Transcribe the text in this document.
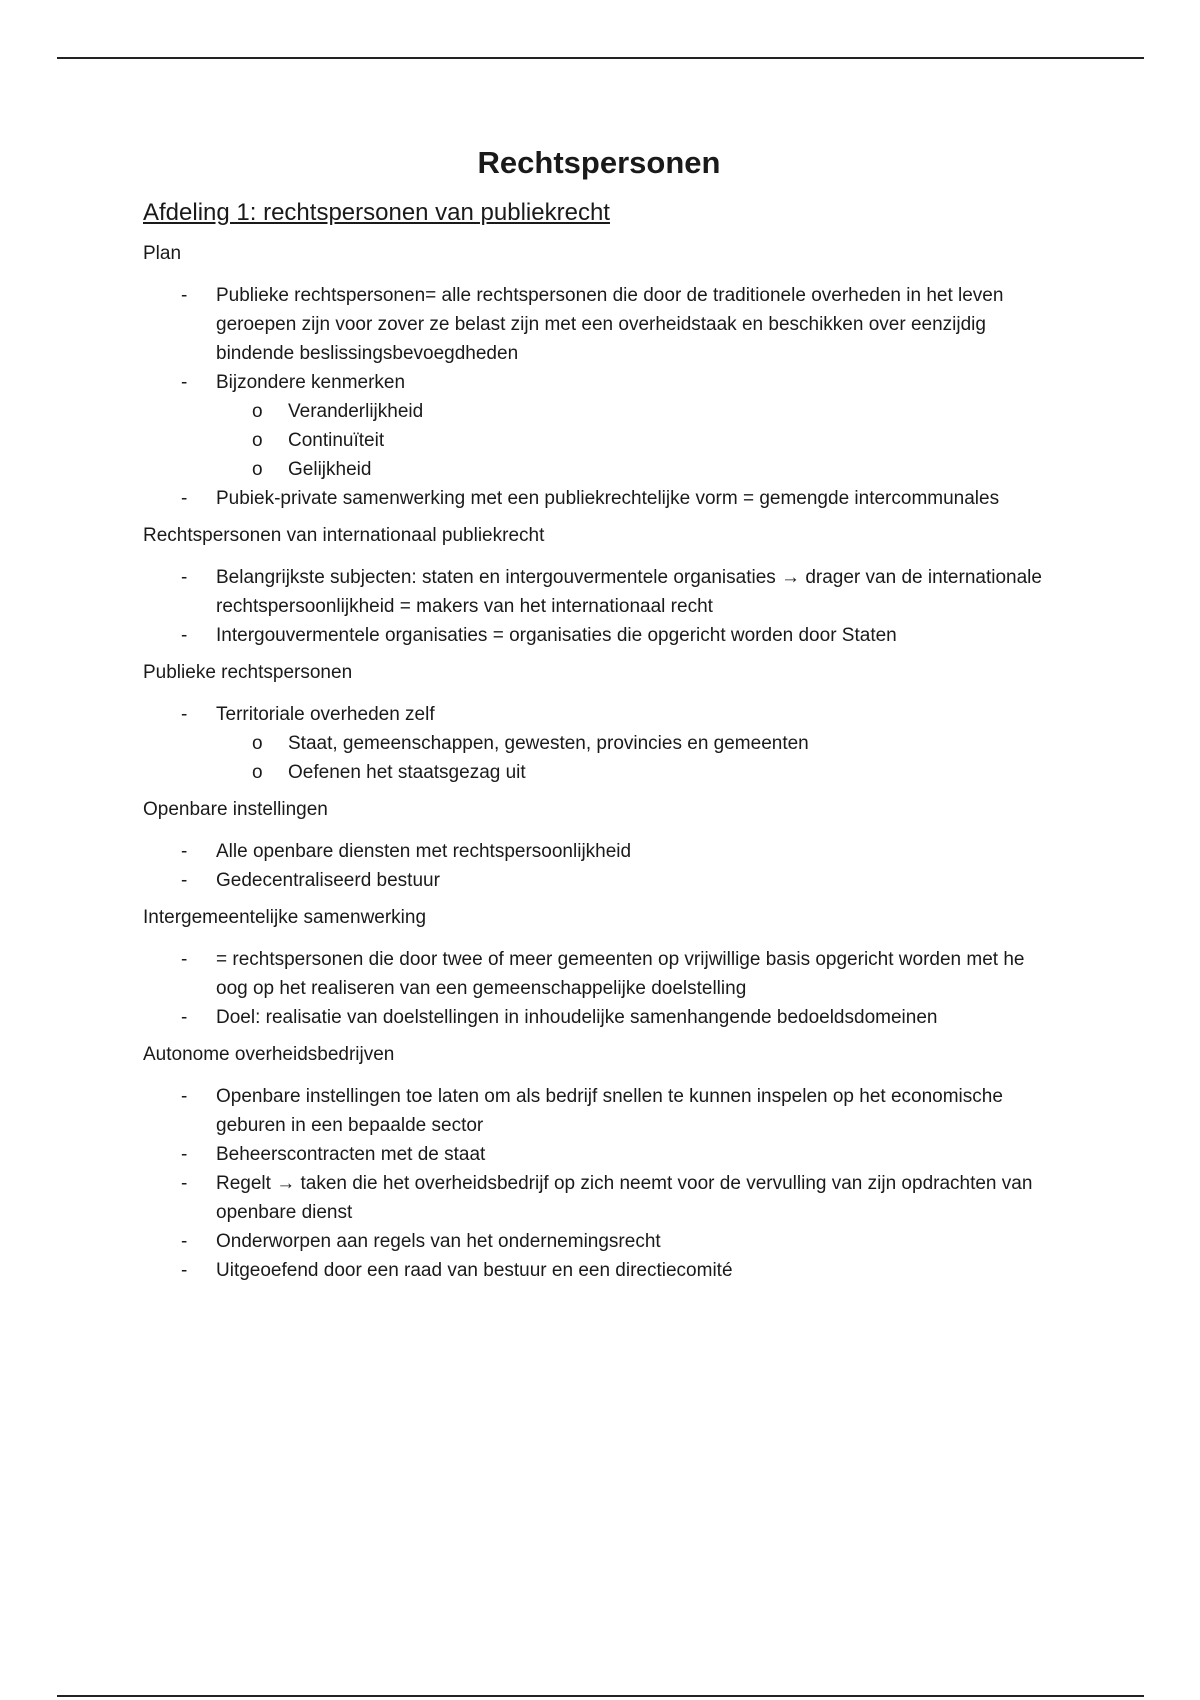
Rechtspersonen
Afdeling 1: rechtspersonen van publiekrecht
Plan
- Publieke rechtspersonen= alle rechtspersonen die door de traditionele overheden in het leven geroepen zijn voor zover ze belast zijn met een overheidstaak en beschikken over eenzijdig bindende beslissingsbevoegdheden
- Bijzondere kenmerken
o Veranderlijkheid
o Continuïteit
o Gelijkheid
- Pubiek-private samenwerking met een publiekrechtelijke vorm = gemengde intercommunales
Rechtspersonen van internationaal publiekrecht
- Belangrijkste subjecten: staten en intergouvermentele organisaties → drager van de internationale rechtspersoonlijkheid = makers van het internationaal recht
- Intergouvermentele organisaties = organisaties die opgericht worden door Staten
Publieke rechtspersonen
- Territoriale overheden zelf
o Staat, gemeenschappen, gewesten, provincies en gemeenten
o Oefenen het staatsgezag uit
Openbare instellingen
- Alle openbare diensten met rechtspersoonlijkheid
- Gedecentraliseerd bestuur
Intergemeentelijke samenwerking
- = rechtspersonen die door twee of meer gemeenten op vrijwillige basis opgericht worden met he oog op het realiseren van een gemeenschappelijke doelstelling
- Doel: realisatie van doelstellingen in inhoudelijke samenhangende bedoeldsdomeinen
Autonome overheidsbedrijven
- Openbare instellingen toe laten om als bedrijf snellen te kunnen inspelen op het economische geburen in een bepaalde sector
- Beheerscontracten met de staat
- Regelt → taken die het overheidsbedrijf op zich neemt voor de vervulling van zijn opdrachten van openbare dienst
- Onderworpen aan regels van het ondernemingsrecht
- Uitgeoefend door een raad van bestuur en een directiecomité
